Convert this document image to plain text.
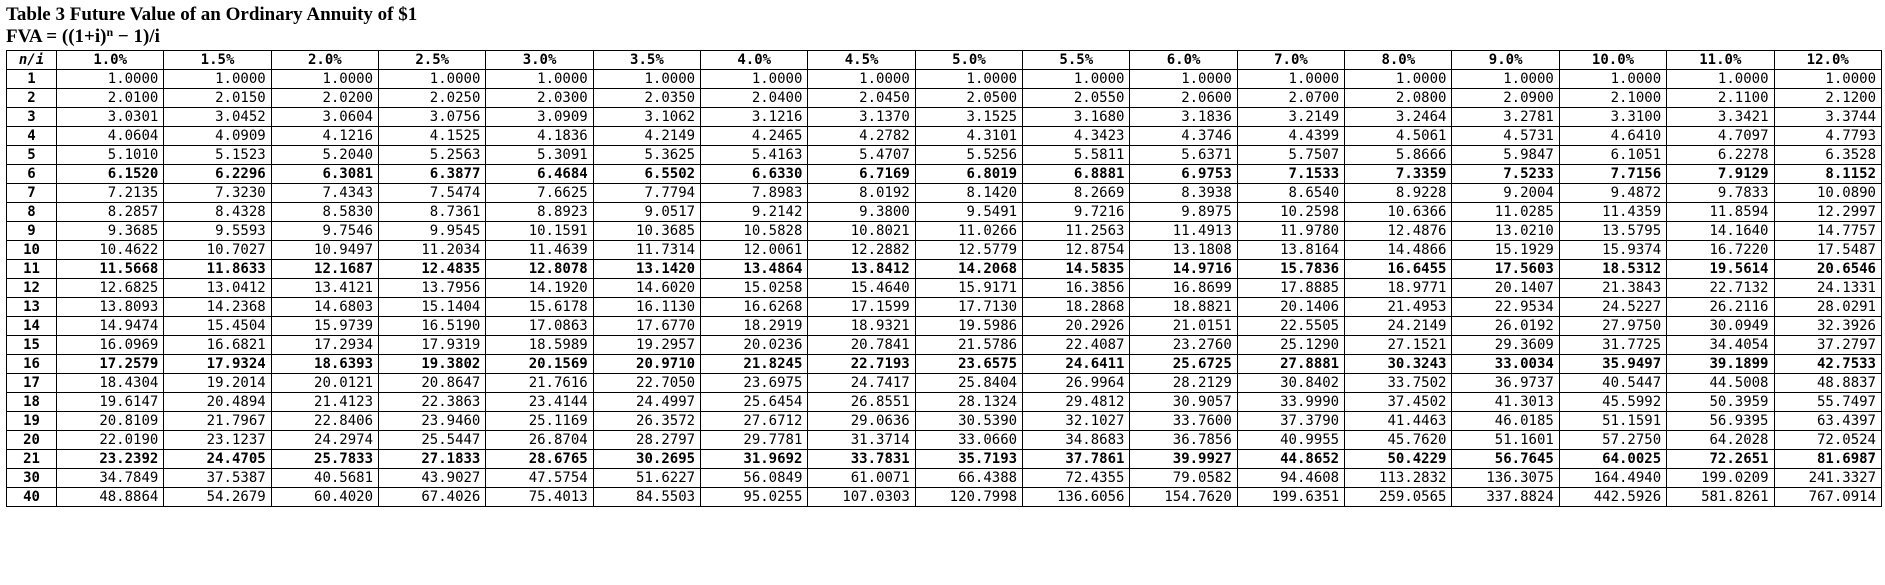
Table 3 Future Value of an Ordinary Annuity of $1
FVA = $((1+i)^n - 1)/i$
n/i	1.0%	1.5%	2.0%	2.5%	3.0%	3.5%	4.0%	4.5%	5.0%	5.5%	6.0%	7.0%	8.0%	9.0%	10.0%	11.0%	12.0%
1	1.0000	1.0000	1.0000	1.0000	1.0000	1.0000	1.0000	1.0000	1.0000	1.0000	1.0000	1.0000	1.0000	1.0000	1.0000	1.0000	1.0000
2	2.0100	2.0150	2.0200	2.0250	2.0300	2.0350	2.0400	2.0450	2.0500	2.0550	2.0600	2.0700	2.0800	2.0900	2.1000	2.1100	2.1200
3	3.0301	3.0452	3.0604	3.0756	3.0909	3.1062	3.1216	3.1370	3.1525	3.1680	3.1836	3.2149	3.2464	3.2781	3.3100	3.3421	3.3744
4	4.0604	4.0909	4.1216	4.1525	4.1836	4.2149	4.2465	4.2782	4.3101	4.3423	4.3746	4.4399	4.5061	4.5731	4.6410	4.7097	4.7793
5	5.1010	5.1523	5.2040	5.2563	5.3091	5.3625	5.4163	5.4707	5.5256	5.5811	5.6371	5.7507	5.8666	5.9847	6.1051	6.2278	6.3528
6	6.1520	6.2296	6.3081	6.3877	6.4684	6.5502	6.6330	6.7169	6.8019	6.8881	6.9753	7.1533	7.3359	7.5233	7.7156	7.9129	8.1152
7	7.2135	7.3230	7.4343	7.5474	7.6625	7.7794	7.8983	8.0192	8.1420	8.2669	8.3938	8.6540	8.9228	9.2004	9.4872	9.7833	10.0890
8	8.2857	8.4328	8.5830	8.7361	8.8923	9.0517	9.2142	9.3800	9.5491	9.7216	9.8975	10.2598	10.6366	11.0285	11.4359	11.8594	12.2997
9	9.3685	9.5593	9.7546	9.9545	10.1591	10.3685	10.5828	10.8021	11.0266	11.2563	11.4913	11.9780	12.4876	13.0210	13.5795	14.1640	14.7757
10	10.4622	10.7027	10.9497	11.2034	11.4639	11.7314	12.0061	12.2882	12.5779	12.8754	13.1808	13.8164	14.4866	15.1929	15.9374	16.7220	17.5487
11	11.5668	11.8633	12.1687	12.4835	12.8078	13.1420	13.4864	13.8412	14.2068	14.5835	14.9716	15.7836	16.6455	17.5603	18.5312	19.5614	20.6546
12	12.6825	13.0412	13.4121	13.7956	14.1920	14.6020	15.0258	15.4640	15.9171	16.3856	16.8699	17.8885	18.9771	20.1407	21.3843	22.7132	24.1331
13	13.8093	14.2368	14.6803	15.1404	15.6178	16.1130	16.6268	17.1599	17.7130	18.2868	18.8821	20.1406	21.4953	22.9534	24.5227	26.2116	28.0291
14	14.9474	15.4504	15.9739	16.5190	17.0863	17.6770	18.2919	18.9321	19.5986	20.2926	21.0151	22.5505	24.2149	26.0192	27.9750	30.0949	32.3926
15	16.0969	16.6821	17.2934	17.9319	18.5989	19.2957	20.0236	20.7841	21.5786	22.4087	23.2760	25.1290	27.1521	29.3609	31.7725	34.4054	37.2797
16	17.2579	17.9324	18.6393	19.3802	20.1569	20.9710	21.8245	22.7193	23.6575	24.6411	25.6725	27.8881	30.3243	33.0034	35.9497	39.1899	42.7533
17	18.4304	19.2014	20.0121	20.8647	21.7616	22.7050	23.6975	24.7417	25.8404	26.9964	28.2129	30.8402	33.7502	36.9737	40.5447	44.5008	48.8837
18	19.6147	20.4894	21.4123	22.3863	23.4144	24.4997	25.6454	26.8551	28.1324	29.4812	30.9057	33.9990	37.4502	41.3013	45.5992	50.3959	55.7497
19	20.8109	21.7967	22.8406	23.9460	25.1169	26.3572	27.6712	29.0636	30.5390	32.1027	33.7600	37.3790	41.4463	46.0185	51.1591	56.9395	63.4397
20	22.0190	23.1237	24.2974	25.5447	26.8704	28.2797	29.7781	31.3714	33.0660	34.8683	36.7856	40.9955	45.7620	51.1601	57.2750	64.2028	72.0524
21	23.2392	24.4705	25.7833	27.1833	28.6765	30.2695	31.9692	33.7831	35.7193	37.7861	39.9927	44.8652	50.4229	56.7645	64.0025	72.2651	81.6987
30	34.7849	37.5387	40.5681	43.9027	47.5754	51.6227	56.0849	61.0071	66.4388	72.4355	79.0582	94.4608	113.2832	136.3075	164.4940	199.0209	241.3327
40	48.8864	54.2679	60.4020	67.4026	75.4013	84.5503	95.0255	107.0303	120.7998	136.6056	154.7620	199.6351	259.0565	337.8824	442.5926	581.8261	767.0914
